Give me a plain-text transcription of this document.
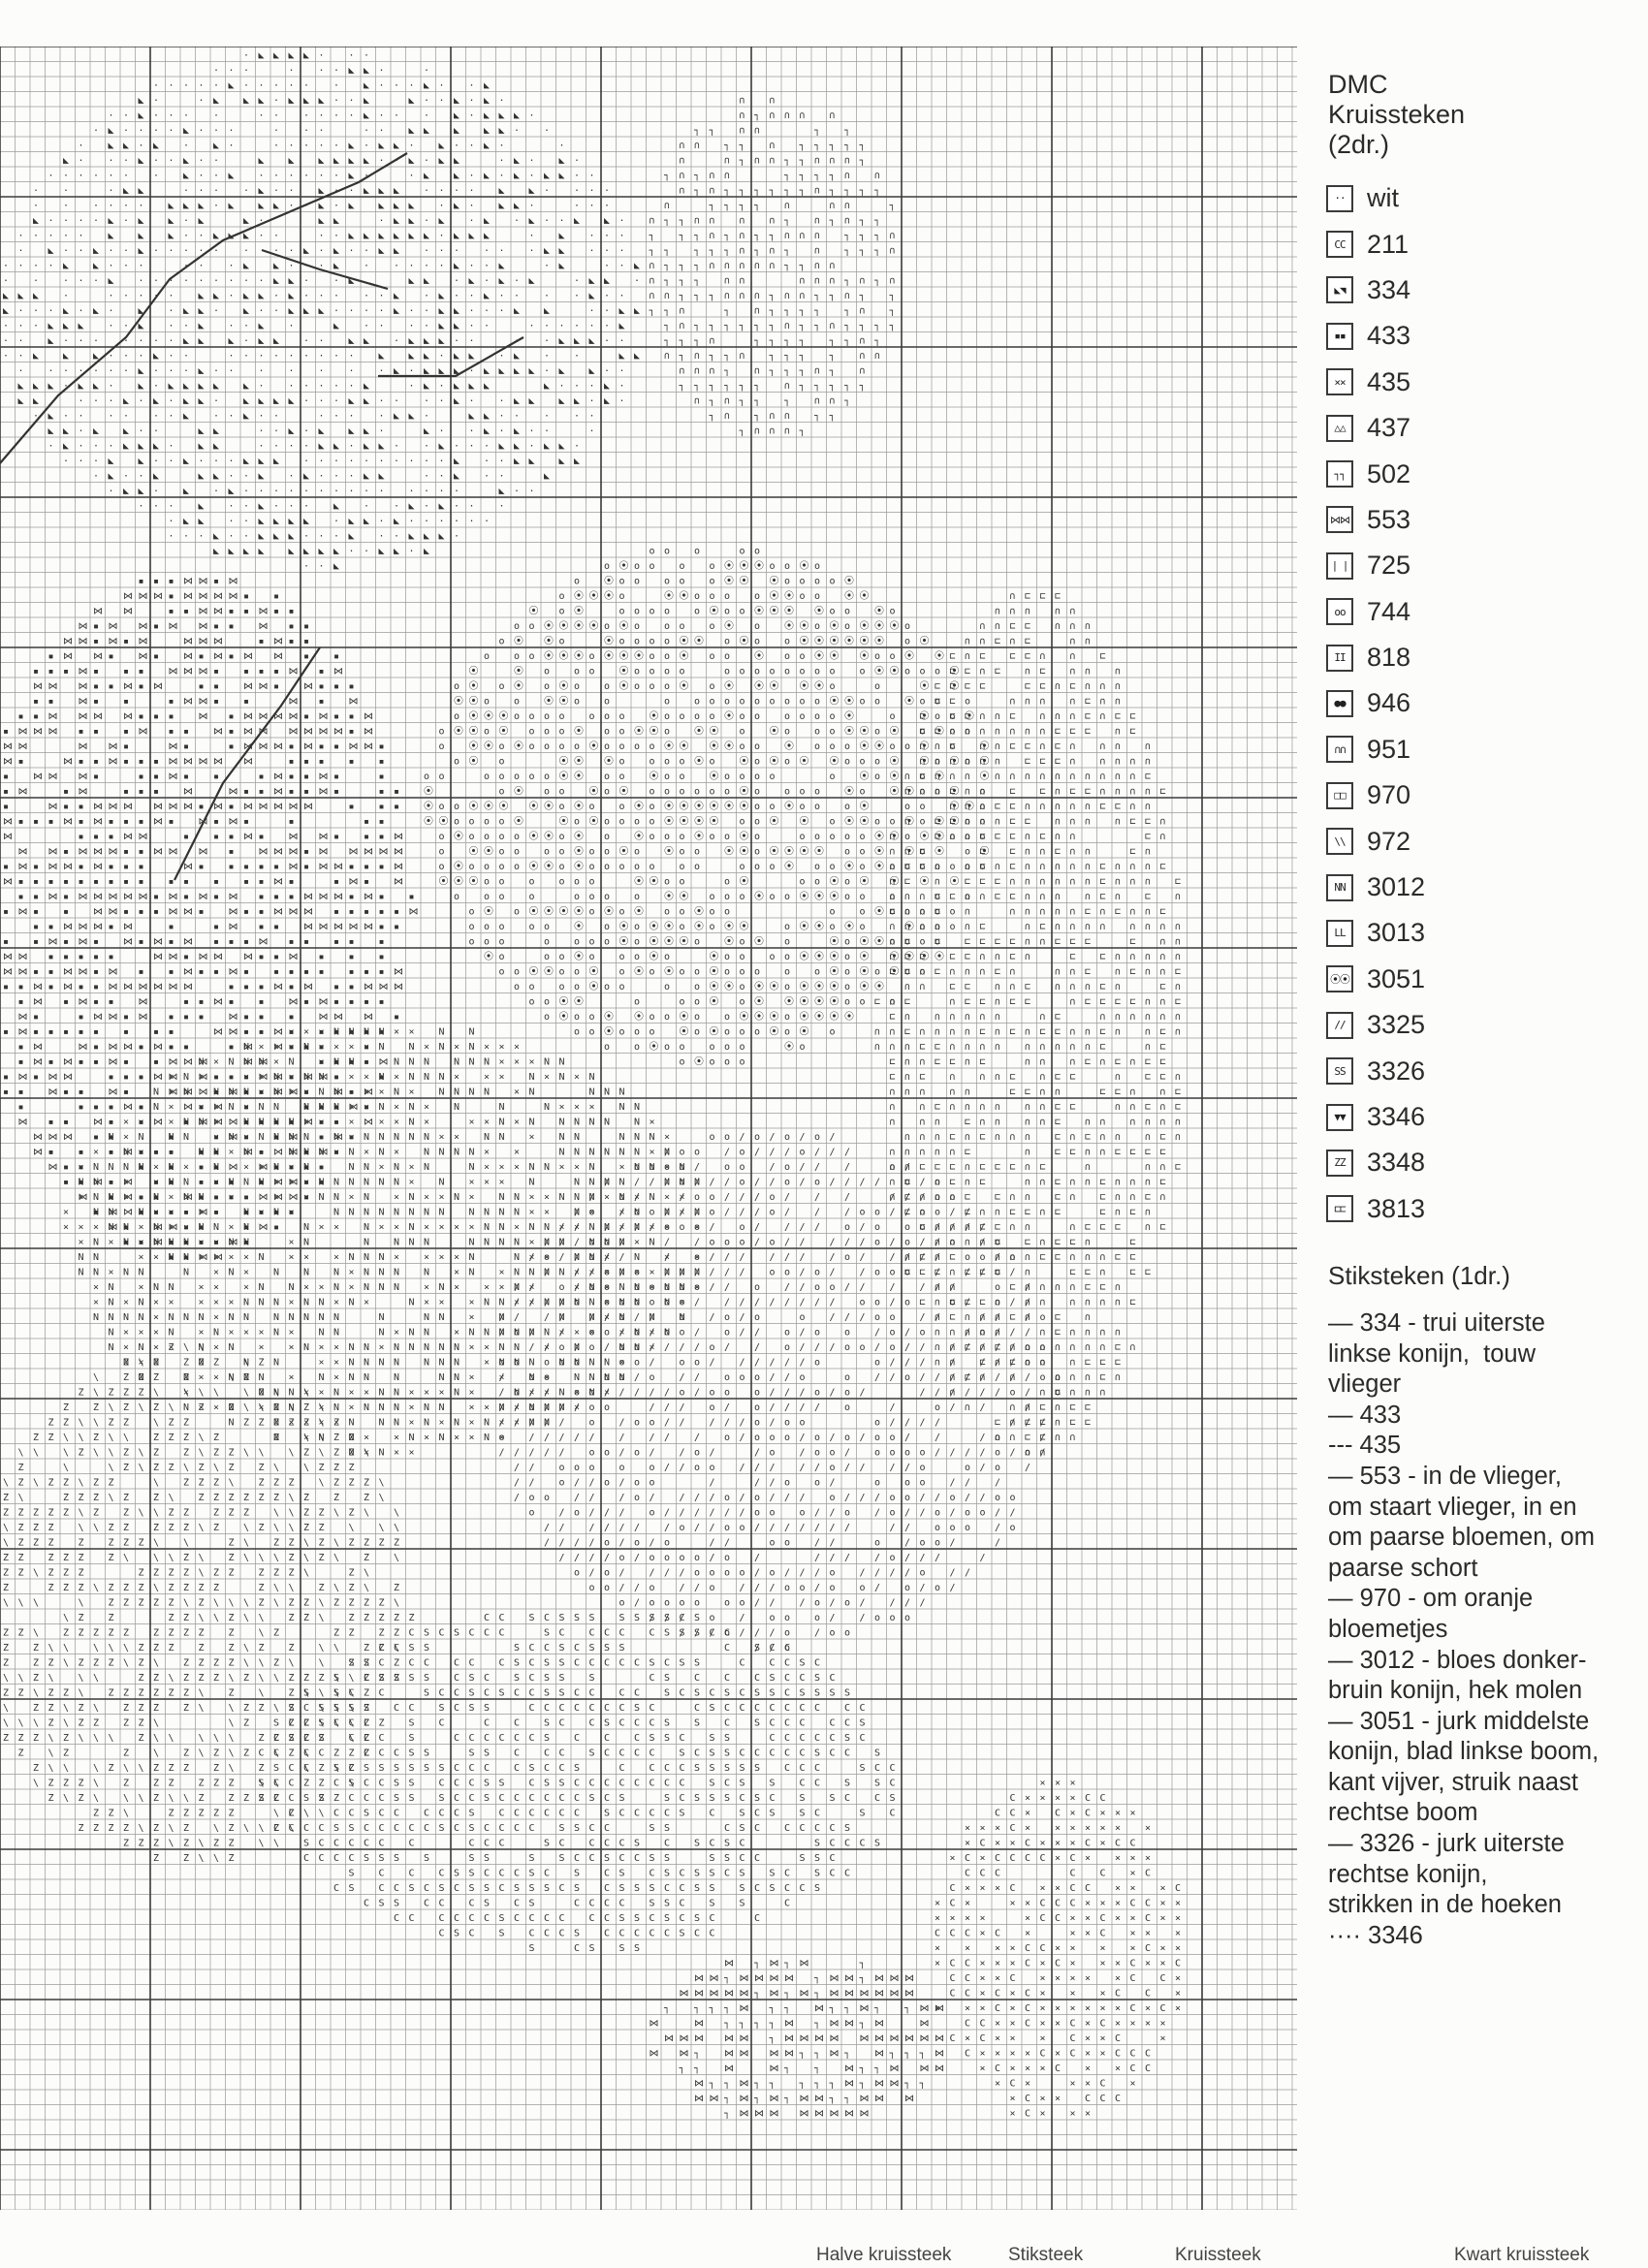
· ◣ ◣ ◣ ◣ · · ·
· · ·	· · · ◣ ◣ ·	·
· · · · · ◣ · · · · · · ◣ · · · ◣ · · ◣
◣ ·	· ◣ ◣ ◣ · ◣ ◣ ◣ · · ◣	◣ · · ◣ · ◣ ·
· · ◣ · · · ·	· · · · · · ◣ · · · ◣ · ◣ ◣ ◣ ·
· ◣ · · · · ◣ · · ·	· · ·	· · ◣ ◣ ◣ ◣ ◣ · ·
· ◣ ◣ · ◣ · ◣ ·	· · · · · ◣ · ◣ ◣ · ◣ · · ◣ ·	·
◣ · · · ◣ · · ◣ · ·	◣ ◣ ◣ ◣ ◣ ◣ · · ◣ · ◣ ◣	· ◣ · ◣ ·
· · · · · · · ◣ · · ◣ · · · · · · ◣ ·	· ◣ ◣ · ◣ · ◣ · ◣ ◣ · ·
· ·	· ◣ ◣	· · · · ◣ · · ◣ · · ◣ ◣ ◣ · · · · ◣ ◣ · · · ·
· · · · · · ◣ ◣ ◣ · ◣ ◣ ◣ · · ◣ · ◣ ◣ ◣ ◣ · ◣ · ◣ ◣ ·	· · ·
◣ · · · · ◣ · ◣ ◣ · ◣	◣ ·	◣ ◣	· ◣ ◣ · ◣ · ◣ · ◣ · · ◣ ◣ ·
· · · · · ◣ ◣ ◣ · · ◣ ◣ ◣ · ·	· · ◣ ◣ ◣ ◣ ◣ ◣ · ◣ ◣ ◣	· ◣ · · ·
· ◣ · · ◣ · · ◣ · · · · · · · · ◣ · ◣ · · ◣ ◣ · · · · · · ◣ ◣ · · ·
· · · · ◣ ◣ · · ·	· · · ◣ ◣ · · · ◣ · · · · · ◣ · · ◣	· ◣	· · ◣
· · · · · ◣ · · · · · · · · · ◣ ◣ · · ◣	◣ ◣ · ◣ · ◣ · ◣	· ◣ ◣ ·
◣ ◣ ◣ ·	· · · · · ◣ ◣ · ◣ ◣ · ◣ · · · · · ◣ · ◣ · · ◣ · · · · ◣ · ·
◣ · · · ◣ · ◣ · ◣ · ◣ ◣ · ◣ · · ◣ ◣ ◣ · · · · ◣ · · ◣ ◣ · · · ◣ ◣	· · ◣ ◣
· · · ◣ ◣ ◣ · · ◣ · · ◣ · · ◣ ·	◣ · · · · ◣ ◣ · ·	· · · · · · ◣
· · ◣ · · · · · · · ◣ ◣ ◣ · ◣ ◣ · · ◣ ◣ · ◣ ◣ ◣ · ·	· · ◣ ◣ ◣ · ·
· · ◣ ◣ ◣ · · · ◣ · ·	· · · · · · · · · ◣ ◣ ◣ · ◣ ◣ · ◣ · ·	◣ ◣
· · · · · · · ◣ · · · ◣ · · · · · · · ◣ · ◣ ◣ ◣ · ◣ ◣ ◣ ◣ · ◣ ◣ · ·
◣ ◣ ◣ · ◣ ◣ · ◣ · ◣ ◣ ◣ ◣ ◣ · · · · · · ◣	· ◣ · ◣ ◣ ◣	◣ · · · ◣ ·
◣ ◣	· · · ◣ · ◣ · ◣ ◣ · ◣ ◣ ◣ ◣ · · · ◣ ◣ · · · · ◣ · · ◣ ◣ ◣ ◣ · ◣ ·
· ◣ · · · · · · ◣ · · ◣ · ·	· · · · ◣ ◣ ·	◣ ◣ · · · · ·
◣ ◣ · ◣ ◣ · ·	◣ ◣	· · ◣ · ◣ ◣ ◣ ·	◣ · · ◣ · ◣ · ·	·
· ◣ · · · ◣ ◣ ◣ · ◣ ◣	· · · · ◣ ◣ · ◣ ◣ · · ◣ · · · ◣ ◣ · ◣ ◣ ·
· · · ◣ ◣ · · ◣ · · · ◣ ◣ ◣ · · · · · · · · · · ◣ · · ◣ ◣ ◣ ◣
· ◣ · · ◣	◣ ◣ · · ◣ · ◣ · · · ◣ ◣	· · ◣ · ·	◣
· ◣ ◣ · ◣ · ◣ · · · · · · · · · · · · · ·	◣ · ·
· · · ◣ · · ◣ · · · ◣ · · ◣ · ◣ · · ·
· ◣ ◣ · · ◣ ◣ ◣ ◣ · ◣ ◣ · ◣ · · · · · ·
· · · ◣ · · ◣ ◣ ◣ · · · ◣ · · ◣ ◣ ◣ ·
◣ ◣ ◣ ◣ ◣ ◣ ◣ ◣ · · ◣ ◣ · ◣
· · ◣
▪ ▪ ▪ ⋈ ⋈ ▪ ⋈
⋈ ⋈ ⋈ ▪ ⋈ ⋈ ⋈ ⋈ ▪ ▪
⋈ ⋈	▪ ▪ ⋈ ⋈ ▪ ▪ ⋈ ▪ ▪
⋈ ▪ ⋈ ⋈ ▪ ⋈ ⋈ ▪ ▪ ⋈ ▪ ▪
⋈ ⋈ ▪ ⋈ ▪ ⋈	⋈ ⋈ ⋈	▪ ⋈ ▪ ▪
▪ ⋈ ⋈ ▪ ⋈ ▪ ⋈ ▪ ⋈ ▪ ⋈ ⋈ ▪ ▪
▪ ▪ ▪ ⋈ ▪ ▪ ▪ ⋈ ⋈ ⋈ ▪ ▪ ▪ ▪ ⋈ ▪ ⋈
⋈ ⋈ ⋈ ▪ ▪ ⋈ ▪ ⋈	▪ ▪ ⋈ ⋈ ▪ ⋈ ▪ ▪ ▪
▪ ▪ ⋈ ▪ ▪	▪ ⋈ ⋈ ▪ ▪	⋈ ▪ ⋈
▪ ▪ ⋈ ⋈ ⋈ ⋈ ▪ ▪ ▪ ⋈ ▪ ⋈ ⋈ ⋈ ⋈ ▪ ⋈ ▪ ▪ ⋈
▪ ⋈ ⋈ ⋈ ▪ ▪ ▪ ⋈ ▪ ▪ ⋈ ▪ ⋈ ⋈ ⋈ ⋈ ⋈ ⋈ ▪ ⋈
⋈ ⋈	⋈ ⋈ ▪	⋈ ▪	▪ ⋈ ⋈ ⋈ ▪ ⋈ ▪ ▪ ⋈ ⋈ ▪
⋈ ▪	⋈ ▪ ▪ ⋈ ▪ ▪ ▪ ⋈ ⋈ ⋈ ⋈ ⋈	▪ ▪ ▪ ▪ ▪
▪ ⋈ ⋈ ⋈ ▪	▪ ▪ ⋈ ▪ ▪	▪ ⋈ ▪ ▪ ⋈ ▪	▪
▪ ⋈	▪ ⋈	▪ ▪ ▪ ⋈	⋈ ▪ ▪ ⋈ ▪ ▪ ⋈ ▪	▪ ▪
▪	⋈ ▪ ▪ ⋈ ⋈ ⋈ ⋈ ⋈ ⋈ ▪ ⋈ ▪ ⋈ ⋈ ⋈ ⋈ ⋈	▪ ▪ ▪
⋈ ▪ ▪ ▪ ⋈ ▪ ⋈ ▪ ▪ ▪ ⋈ ▪ ⋈ ▪ ⋈ ▪	▪	▪ ▪
⋈	▪ ▪ ▪ ⋈ ⋈	▪ ▪ ▪ ⋈ ▪ ⋈ ⋈ ▪ ▪ ▪ ⋈
⋈ ⋈ ▪ ⋈ ⋈ ⋈ ▪ ▪ ⋈ ⋈ ⋈ ▪ ⋈ ⋈ ⋈ ▪ ⋈ ⋈ ⋈ ⋈ ⋈
▪ ⋈ ▪ ⋈ ⋈ ▪ ⋈ ▪ ▪ ▪	⋈ ▪ ▪ ▪ ▪ ▪ ⋈ ▪ ⋈ ⋈ ▪ ▪ ▪ ⋈
⋈ ▪ ▪ ▪ ▪ ▪ ▪ ▪ ▪ ▪ ▪ ▪ ▪ ▪ ▪ ⋈ ▪	▪ ⋈ ▪ ⋈
▪ ▪ ⋈ ▪ ⋈ ⋈ ⋈ ⋈ ⋈ ▪ ⋈ ▪ ⋈ ▪ ⋈ ▪ ▪ ▪ ⋈ ⋈ ⋈ ▪ ⋈ ▪ ▪
▪ ⋈ ▪ ▪ ⋈ ⋈ ▪ ▪ ▪ ⋈ ⋈ ▪ ⋈ ▪ ▪ ⋈ ⋈ ⋈ ▪ ▪ ▪ ▪ ▪ ⋈
▪ ▪ ⋈ ⋈ ⋈ ▪ ⋈	▪	▪ ⋈ ▪ ▪ ⋈ ⋈ ⋈ ⋈ ⋈ ▪ ▪
▪ ▪ ⋈ ▪ ⋈ ▪ ⋈ ▪ ⋈ ▪ ⋈ ▪ ▪ ▪ ⋈ ▪ ▪ ▪ ▪ ▪
⋈ ⋈ ▪ ▪ ▪ ▪ ▪	⋈ ⋈ ▪ ⋈ ⋈ ⋈ ▪ ▪ ⋈ ▪ ▪ ▪
⋈ ⋈ ▪ ▪ ⋈ ⋈ ▪ ⋈ ▪ ▪ ⋈ ▪ ▪ ⋈ ▪ ▪ ▪ ▪ ▪ ▪ ▪ ▪ ⋈
▪ ▪ ⋈ ▪ ⋈ ▪ ▪ ⋈ ⋈ ⋈ ⋈ ⋈ ⋈	▪ ▪ ▪ ⋈ ▪ ⋈ ▪ ▪ ⋈ ⋈ ⋈
▪ ⋈ ▪ ⋈ ▪ ▪ ⋈	▪ ▪ ⋈ ▪ ▪ ⋈ ▪ ⋈ ▪ ▪ ▪ ▪
⋈ ▪	▪ ⋈ ⋈ ▪ ⋈ ▪ ▪ ▪ ⋈ ▪ ▪ ▪ ⋈ ⋈ ⋈ ▪
▪ ⋈ ▪ ▪ ▪ ▪ ▪ ▪ ▪ ▪	⋈ ⋈ ▪ ▪ ⋈ ▪ ▪ ▪ ▪ ▪ ▪
▪ ⋈	⋈ ▪ ⋈ ⋈ ▪ ⋈ ▪ ▪	▪ ⋈ ⋈ ▪ ▪ ▪	▪
▪ ⋈ ▪ ⋈ ▪ ▪ ⋈ ▪ ▪ ⋈ ⋈ ⋈	⋈ ⋈	▪ ▪ ▪ ▪ ⋈
▪ ⋈ ▪ ⋈ ⋈	▪ ▪ ▪ ⋈ ⋈ ⋈ ▪ ▪ ▪ ⋈ ⋈ ▪ ⋈ ⋈ ▪	▪
▪ ▪ ⋈ ▪ ▪ ⋈ ▪	⋈ ⋈ ⋈ ▪ ⋈ ▪ ▪ ⋈ ⋈ ▪ ⋈ ▪ ⋈
▪	▪ ▪ ▪ ⋈ ▪	⋈ ▪ ⋈ ▪	▪ ▪ ▪ ⋈ ▪
⋈ ▪ ▪ ⋈ ▪ ▪ ⋈ ▪ ⋈ ⋈ ⋈ ▪ ▪ ▪ ▪ ⋈ ▪ ▪ ⋈
⋈ ⋈ ⋈ ▪ ▪	▪	▪ ⋈ ▪ ▪ ⋈ ▪ ⋈ ▪
⋈ ▪ ▪ ▪ ⋈ ▪ ▪ ▪ ▪ ▪ ⋈ ▪ ⋈ ⋈ ▪ ⋈ ▪
⋈ ▪ ▪	▪ ▪ ▪ ▪ ⋈ ⋈ ▪ ▪ ▪ ▪
▪ ▪ ⋈ ▪ ⋈ ▪ ▪ ▪ ▪ ▪ ▪ ⋈ ⋈ ▪ ▪
⋈ ▪ ⋈ ▪ ▪ ⋈ ▪ ▪ ▪ ▪ ⋈ ⋈ ⋈ ▪
▪ ⋈ ⋈ ▪ ▪ ▪ ▪ ⋈ ▪ ▪ ▪ ▪ ▪
⋈ ▪ ⋈ ⋈ ▪ ▪	▪ ⋈ ▪
▪ ▪ ⋈ ▪ ▪ ▪ ▪ ⋈ ▪
▪ ▪ ⋈ ⋈
∩ ∩
∩ ┐ ∩ ∩ ∩ ∩
┐ ┐ ∩ ∩	┐ ┐
∩ ∩ ┐ ┐ ∩ ┐ ┐ ┐ ┐ ┐
∩	∩ ┐ ∩ ∩ ┐ ┐ ∩ ∩ ∩ ┐
┐ ∩ ┐ ∩ ∩	┐ ┐ ┐ ┐ ∩ ∩
∩ ┐ ∩ ┐ ┐ ┐ ┐ ┐ ┐ ∩ ┐ ┐ ┐ ┐
∩	┐ ┐ ┐ ┐ ∩	∩ ∩	┐
∩ ┐ ┐ ∩ ∩ ∩ ∩ ┐ ∩ ┐ ∩ ┐ ┐
┐ ┐ ┐ ∩ ┐ ∩ ┐ ┐ ∩ ∩ ∩ ┐ ┐ ┐ ∩
┐ ┐ ┐ ┐ ┐ ∩ ┐ ∩ ┐ ∩ ┐ ┐ ┐ ∩
∩ ┐ ┐ ┐ ∩ ∩ ∩ ∩ ∩ ┐ ┐ ∩ ∩
∩ ┐ ┐ ┐ ∩ ∩	∩ ∩ ∩ ┐ ∩ ┐ ∩
∩ ∩ ┐ ┐ ┐ ∩ ∩ ∩ ┐ ∩ ∩ ┐ ┐ ∩ ┐ ┐
┐ ┐ ∩	┐ ∩ ┐ ┐ ┐ ┐ ┐ ∩ ┐
┐ ∩ ┐ ┐ ┐ ┐ ┐ ┐ ∩ ┐ ┐ ∩ ┐ ┐ ┐ ┐
┐ ┐ ┐ ∩	┐ ┐ ┐ ┐ ┐ ┐ ∩ ┐
∩ ┐ ∩ ┐ ┐ ∩ ┐ ┐ ┐ ┐ ∩ ∩
∩ ∩ ∩ ┐ ∩ ┐ ┐ ┐ ∩ ┐ ∩
┐ ┐ ┐ ┐ ┐ ┐ ∩ ┐ ┐ ┐ ┐ ┐
∩ ┐ ∩ ┐ ┐ ┐ ∩ ∩ ┐
┐ ∩ ┐ ∩ ∩ ┐ ┐
┐ ∩ ∩ ∩ ┐
o o o	o o
o ⦿ o o o o ⦿ ⦿ ⦿ o o ⦿ o
o ⦿ o o o o o ⦿ ⦿ ⦿ o o o o ⦿
o ⦿ ⦿ ⦿ o	⦿ ⦿ o o o o ⦿ ⦿ o o ⦿ ⦿
⦿ o ⦿	o o o o o ⦿ o o ⦿ ⦿ ⦿ ⦿ o o ⦿ o
o o ⦿ ⦿ ⦿ ⦿ o ⦿ o o o o ⦿ o ⦿ ⦿ o ⦿ o ⦿ ⦿ ⦿ o
o ⦿ ⦿ o	⦿ o o o o ⦿ ⦿ o ⦿ o o ⦿ ⦿ ⦿ ⦿ ⦿ ⦿ o ⦿
o o o ⦿ ⦿ ⦿ o ⦿ ⦿ ⦿ o o ⦿ o o ⦿ o o ⦿ ⦿ ⦿ o o ⦿ ⦿
⦿	⦿ o o o ⦿ o o o o	o o o o o o o o o ⦿ ⦿ o o o ⦿
o ⦿ o ⦿ o ⦿ o o ⦿ o o o ⦿ o ⦿ ⦿ ⦿ ⦿ ⦿ o	o	⦿ ⦿
⦿ ⦿ o o ⦿ ⦿ o o	o o o o o o o o o o ⦿ ⦿ o o ⦿ o o o
o ⦿ ⦿ ⦿ o o o o o o o ⦿ o o o o ⦿ o o o o o o ⦿	o ⦿ o o ⦿
o ⦿ ⦿ o ⦿ o o o ⦿ o o ⦿ ⦿ o ⦿ ⦿ o ⦿ o o o ⦿ ⦿ o ⦿ o ⦿ o o
o ⦿ ⦿ o ⦿ o o o o ⦿ o o o o ⦿ ⦿ ⦿ ⦿ o o ⦿ o o o ⦿ ⦿ o o ⦿ o ⦿
o ⦿ o	⦿ ⦿ ⦿ o o o o ⦿ o ⦿ o ⦿ o ⦿ ⦿ o o o ⦿ ⦿ o ⦿ o ⦿
o o	o o o o o ⦿ ⦿ o o ⦿ o o ⦿ o o o o	o ⦿ o ⦿ o ⦿	⦿
⦿	o ⦿ o o ⦿ o ⦿ o o o o o o ⦿ o o o o ⦿ o ⦿ ⦿ o o ⦿ o
⦿ o o ⦿ ⦿ ⦿ ⦿ ⦿ o ⦿ o o ⦿ o ⦿ ⦿ ⦿ ⦿ ⦿ ⦿ o o ⦿ o o o ⦿	o o ⦿ ⦿ o
⦿ ⦿ o o o o ⦿	⦿ o ⦿ o o o o ⦿ ⦿ ⦿ ⦿ o o ⦿ ⦿ o ⦿ ⦿ o o ⦿ o ⦿ ⦿ o o
o ⦿ o o o o ⦿ ⦿ o ⦿ o ⦿ o o o ⦿ o o ⦿ o	o o o o o ⦿ ⦿ o ⦿ ⦿ o o o
o ⦿ ⦿ o o o o ⦿ o o ⦿ o ⦿ o o ⦿ ⦿ o ⦿ ⦿ ⦿ ⦿ o o ⦿ ⦿ o ⦿ o ⦿
o ⦿ o o o o ⦿ ⦿ o ⦿ o o o o o o o	o o o ⦿ o o ⦿ o ⦿ o o o o o o o
⦿ ⦿ ⦿ o o o o o o	⦿ ⦿ o o	o ⦿	o o ⦿ o ⦿ ⦿ ⦿ ⦿
o o o o	o o o o ⦿ ⦿ o o o ⦿ o o ⦿ ⦿ ⦿ o o o	o o
o ⦿ o ⦿ ⦿ ⦿ ⦿ o ⦿ o ⦿ o o ⦿ o o	o o ⦿ o o o o o
o o o o o ⦿ o ⦿ o ⦿ ⦿ o ⦿ o ⦿ ⦿	o ⦿ ⦿ o ⦿ o	⦿ o o o
o o o	o o o o ⦿ o ⦿ ⦿ ⦿ o ⦿ o ⦿ o	⦿ o ⦿ ⦿ o o o o
⦿ o	o o ⦿ o o o ⦿ o	⦿ o o o o ⦿ ⦿ ⦿ o ⦿ ⦿ ⦿ ⦿ ⦿
o o ⦿ ⦿ o o ⦿ o ⦿ o ⦿ o o ⦿ o o o o o ⦿ o ⦿ o ⦿ o o
o o o o ⦿ o o	o o ⦿ ⦿ o ⦿ ⦿ o ⦿ ⦿ ⦿ o ⦿ ⦿
o o ⦿ ⦿	o	o o ⦿ o ⦿ ⦿ ⦿ ⦿ ⦿ o o o
o ⦿ o o ⦿ ⦿ o o ⦿ o o ⦿ ⦿ ⦿ o ⦿ ⦿ ⦿ ⦿
o o ⦿ o o o ⦿ o ⦿ o o o ⦿ o ⦿ o
o o ⦿ o o o o o	⦿ o
o ⦿ o o o
∩ ⊏ ⊏ ⊏
∩ ∩ ∩ ∩ ∩
∩ ∩ ⊏ ⊏ ∩ ∩ ∩
∩ ∩ ⊏ ∩ ⊏	∩ ∩
⊏ ∩ ⊏ ⊏ ⊏ ∩ ∩ ⊏
⊏ ⊏ ∩ ⊏ ∩ ⊏ ∩ ∩ ∩
⊏ ⊏ ⊏ ⊏	⊏ ⊏ ∩ ⊏ ∩ ∩ ∩
⊏ ⊏	∩ ∩ ∩ ∩ ⊏ ∩ ∩
⊏ ⊏ ⊏ ∩ ∩ ⊏ ∩ ∩ ∩ ⊏ ∩ ⊏ ⊏
⊏ ⊏ ∩ ∩ ∩ ∩ ∩ ∩ ∩ ⊏ ⊏ ⊏ ∩ ⊏
∩ ∩ ⊏ ∩ ∩ ⊏ ⊏ ∩ ⊏ ∩ ∩ ∩ ∩
∩ ∩ ∩ ∩ ∩ ∩ ⊏ ⊏ ⊏ ∩ ∩ ∩ ∩ ∩
∩ ⊏ ∩ ∩ ∩ ∩ ∩ ∩ ∩ ∩ ∩ ∩ ∩ ∩ ∩ ⊏
∩ ∩ ∩ ⊏ ∩ ∩ ⊏ ⊏ ∩ ⊏ ⊏ ∩ ∩ ∩ ∩ ⊏
∩ ∩ ∩ ⊏ ⊏ ∩ ∩ ∩ ∩ ∩ ⊏ ⊏ ∩ ∩
∩ ⊏ ⊏ ∩ ∩ ∩ ⊏ ⊏ ∩ ∩ ∩ ∩ ⊏ ⊏ ∩
∩	⊏ ∩ ∩ ⊏ ⊏ ⊏ ∩ ⊏ ∩ ∩	⊏ ∩
∩ ∩ ⊏	⊏ ⊏ ∩ ∩ ⊏ ∩ ∩	⊏ ∩
∩ ⊏ ⊏ ∩ ∩ ⊏ ∩ ⊏ ∩ ∩ ∩ ∩ ∩ ⊏ ∩ ∩ ∩ ⊏
∩ ⊏ ∩ ⊏ ⊏ ⊏ ∩ ∩ ∩ ∩ ∩ ∩ ⊏ ∩ ∩ ∩ ⊏
∩ ∩ ∩ ⊏ ⊏ ∩ ∩ ⊏ ⊏ ∩ ∩ ∩ ∩ ⊏ ∩ ⊏ ∩
⊏ ∩ ∩ ⊏ ∩	∩ ∩ ∩ ∩ ∩ ⊏ ∩ ⊏ ∩ ∩ ⊏
∩ ∩ ∩ ∩ ∩ ⊏	∩ ⊏ ∩ ∩ ∩ ∩ ∩ ∩ ∩ ∩
∩ ⊏ ⊏ ⊏ ⊏ ⊏ ⊏ ∩ ∩ ⊏ ⊏ ⊏	⊏ ∩ ∩
∩ ⊏ ⊏ ⊏ ⊏ ∩ ∩ ⊏ ∩	⊏ ⊏ ∩ ∩ ∩ ∩ ∩
⊏ ⊏ ∩ ⊏ ∩ ∩ ∩ ⊏ ∩	∩ ∩ ⊏ ∩ ⊏ ∩ ∩ ⊏
∩ ∩ ⊏ ⊏ ∩ ∩ ⊏ ∩ ∩ ∩ ⊏ ∩	⊏ ∩
⊏ ∩ ⊏	∩ ⊏ ⊏ ∩ ⊏ ⊏	∩ ⊏ ⊏ ⊏ ⊏ ∩ ∩ ⊏
⊏ ∩ ∩ ∩ ∩ ∩ ∩	∩ ⊏	∩ ∩ ∩ ∩ ∩ ∩
∩ ∩ ⊏ ∩ ∩ ∩ ∩ ⊏ ∩ ⊏ ∩ ⊏ ⊏ ∩ ∩ ⊏ ∩ ∩ ⊏ ∩
∩ ∩ ∩ ⊏ ⊏ ∩ ∩ ∩ ∩ ∩ ∩ ∩ ∩ ∩ ⊏	∩ ⊏
⊏ ∩ ∩ ⊏ ⊏ ∩ ⊏	∩ ∩ ∩ ⊏ ∩ ⊏ ∩ ⊏ ⊏
⊏ ∩ ⊏ ∩ ∩ ∩ ⊏ ∩ ⊏ ⊏	∩ ⊏ ⊏ ∩
∩ ∩ ∩ ∩ ∩	⊏ ⊏ ∩ ∩	⊏ ⊏ ∩ ∩ ⊏
∩ ∩ ⊏ ∩ ∩ ∩ ∩ ∩ ∩ ⊏ ⊏	∩ ∩ ⊏ ∩ ⊏
∩ ∩ ∩ ⊏ ∩ ∩ ∩ ∩ ⊏ ∩ ∩ ∩ ∩ ∩ ∩
∩ ∩ ∩ ⊏ ∩ ⊏ ∩ ∩ ∩ ⊏ ∩ ⊏ ∩ ∩ ∩ ⊏ ∩
∩ ∩ ∩ ∩ ∩ ⊏	∩ ⊏ ⊏ ∩ ∩ ⊏ ⊏ ⊏ ⊏
∩ ∩ ⊏ ⊏ ⊏ ∩ ⊏ ⊏ ⊏ ∩ ⊏	∩	∩ ∩ ⊏
∩ ⊏ ∩ ⊏ ∩ ⊏	∩ ∩ ⊏ ∩ ∩ ⊏ ∩ ∩ ∩ ⊏
∩ ⊏ ∩ ∩ ∩ ⊏ ⊏ ∩ ∩ ⊏ ∩ ⊏ ∩ ∩ ⊏ ∩
⊏ ∩	⊏ ∩ ∩ ⊏ ⊏ ∩ ⊏	⊏ ∩ ⊏ ∩
⊏ ∩ ∩ ∩ ⊏ ⊏ ∩ ∩	∩ ⊏ ⊏ ⊏ ∩ ⊏
∩ ∩ ∩ ∩ ⊏ ⊏ ∩ ⊏ ⊏ ∩	⊏
∩ ⊏ ∩ ⊏	∩ ∩ ∩ ⊏ ⊏ ∩ ∩ ∩ ⊏ ⊏
⊏ ⊏ ⊏ ∩ ⊏ ⊏ ⊏ ∩	⊏ ⊏ ∩ ⊏ ⊏
∩ ∩	⊏ ∩ ∩ ∩ ∩ ⊏ ⊏ ∩
⊏ ∩ ⊏ ⊏ ⊏ ∩ ∩ ∩ ∩ ∩ ∩ ∩ ⊏
∩ ⊏ ∩ ∩ ∩ ⊏ ∩ ⊏ ∩
∩ ∩ ∩ ∩ ∩	∩ ⊏ ∩ ∩ ∩ ∩
∩ ∩ ⊏ ∩ ⊏ ∩ ∩ ∩ ∩ ∩ ∩ ∩ ⊏ ∩
∩ ∩ ⊏ ∩ ⊏ ∩ ∩ ∩ ⊏ ⊏ ⊏
∩ ⊏ ∩ ∩	∩ ∩ ∩ ⊏ ∩
∩	∩ ⊏ ∩ ∩ ∩
∩	∩ ∩ ⊏ ∩ ⊏ ⊏
⊏ ∩ ⊏ ⊏ ∩ ⊏ ⊏
∩ ∩ ⊏ ⊏ ∩ ∩
∩ ∩
× × × N N N N × × N N
N × × × N × × × × N N × N × N × × ×
N × N N N × N × N N	N N N N N N × × × N N
× N ×	× × N × N N × × N × N N N × × × N × N × N
N × N N N N × N × × N N × × N × N N N N × N	N N N
N × × × N × N N N N N × × N × N × N	N	N × × × N N
× × × N N × N N N N × × × × × N ×	× × N × N N N N N N ×
N × N N N × N × N N N N N × N N N N N × × N N × N N	N N N ×
× N ×	N N × N	N N N × N × N × N N N N × ×	N N N N N N × N
× N N N N × N × N × × N × N	N N × N × N	N × × × N N × × N × N N × N
N N × × N N × N N N × × × N N N N N N × N × × × N	N N N N	N N N
× N N × N × N N ×	× × N N × N × N × × N × N N × × N N N × N × N × ×
× N N N × × ×	N × N ×	N N N N N N N N N N N N × × N × × N N × N
× × × N N × N × × N N × N	N × × N × × N × × × × N N × N N × × N N × N × × ×
× N × N × N N N × × N N	× N	N N N N	N N N N × N N N N N × N
N N	× × N N × × × × N × × × N N N × × × × N	N × × N N × N × ×
N N × N N	N × N × N N N × N N N N × N × N N N N × × × N × × N N N
× N × N N × × × N N × × N × N N N × N × × × N ×	× N × N N × N N ×
× N × N × × × × × N N N × N N × N ×	N × × × N N × × N N N N × N N N ×
N N N N × N N N × N N N N N N N	N	N N × N	N N × N N N
N × × × N × N × × × N × N N	N × N N × N N N N N N × × × × N × N
N × N × × N × N × × N × × N N × N N N N N × × N N × N	N N ×
N × N	N	N N	× × N N N N N N N × N N N N N N N ×
N	N × × N N N × N × N N N	N N × × N × N N N N
×	N N N × × N × × N N × × × N ×	N × × N × N ×
N × × N × N N × N × N N N × N N × × N × N N N ×
N	N × × × × N N N × N × N × N × × N N
N × N N × × N × N × × N ×
N × N × ×
o o / o / o / o /
/ o o / o / / / o / / /
o o o o / o o / o / / /	o /
/ / / / o / / / o / / o / o / / / / o / o
/ o /	/ o o / / / o / / /	/ / / o o
/ o / o o / / / o / / / o / / / o o / / o o / /
/ / / / / / o o o / o / / / / o / o o o / / / /
/ / / o o /	/ / o o o / o / / / / / o / o / / o / o
/ o / / o / /	/ o / / / / / / / o / / / / / o o / o
/ / / o / o / / / / / / o o / o / / o o o / / / o /
/ / o / o o o o o o o / / o / / o o / / / / / /	o /
/ / / / o o o o o o o / / / / / / / / / o o / o	o / o / /
/ / / / / / o / / o / o / o	o / / / o o / /	/ / / o
/ o / / o o / o / o o / o / / o / o o / o / o	/ o / / /
/ / o / o / o o / / / / o / / o / / / o o / o / / / / / / / o o
o o o o o	o o / o o / / / / / / o	o / / / / / / / o o
/ o o	o o / o / / o o o / / o	o / / o / / / / / / / / o o
/ o / / o o / / / / / o / o o o / / / o / o /	/ / / / / / o / o
/ / o / / / o o	/ / / o / o / / / / o	/	o / /	/
/ / / / / o / o o / / / / / o / o o	o / / / /	/ / /
o / / / / / / / / / o / o o o / o / o / o o / /	/ o	/
/ / / / / o o / o / / o /	/ o / o o / o o o o / / / / o / o /
/ / o o o o o / / o o / / / / / o / / / / o	o / o /
/ / o / / o / o o	/	/ / o o /	o o o / / /
/ o o / / / o / / / / o / o / / / o / / / o o / / o / / o o
o / o / / / o / / / / / / o o o / / o / o / / o / o o / /
/ / / / / / / o / / o o / / / / / / /	/ / o o o / o
/ / / / o / o / o	/ /	o o / /	o / o o /	/
/ / / / o / o o o o / o /	/ / / / o / / /	/
o / o / / / / o o o o / o / / / o / / / / o / /
o o / / o / / o / / / o o / o o / o / o /
o / o o o o o o / / / o / o / / / /
/ / / o / o o o / / o o o
/ / / o / / / o / o o
/ / o
Z \ \
Z \ Z Z Z Z \ Z
\ Z Z Z Z	\ Z
Z \ Z Z Z \ \ \ \ \ Z \ \
Z Z \ Z \ Z \ Z Z \ \ Z \ Z \
Z Z \ \ Z Z \ Z Z	Z Z Z Z Z \ Z
Z Z \ \ Z \ \ Z Z Z \ Z	Z \ \ Z Z
\ \ \ Z \ \ Z \ Z Z \ Z Z \ \ \ Z \ Z Z \
Z	\	\ Z \ Z Z \ Z \ Z Z \ \ Z Z Z
\ Z \ Z Z \ Z Z	\ Z Z Z \ Z Z Z \ Z Z Z \
Z \	Z Z Z \ Z Z \ Z Z Z Z Z Z \ Z Z Z \
Z Z Z Z Z \ Z Z \ \ Z Z Z Z Z \ \ Z Z \ Z \ \
\ Z Z Z \ \ Z Z Z Z Z \ Z \ Z \ \ Z Z \ \ \
\ Z Z Z Z Z Z Z \ \	Z \ Z Z \ Z \ Z Z Z Z
Z Z Z Z Z Z \ \ \ Z \ Z \ \ \ Z \ Z \ Z \
Z Z \ Z Z Z	Z Z Z Z \ Z Z Z Z Z \	Z \
Z	Z Z Z \ Z Z Z \ Z Z Z Z	Z \ \ Z \ Z \ Z
\ \ \	\ Z Z Z Z Z \ Z \ \ \ Z \ Z Z \ Z Z Z Z \
\ Z Z	Z Z \ \ Z \ \ Z Z \ Z Z Z Z Z
Z Z \ Z Z Z Z Z Z Z Z Z Z \ Z	Z Z Z Z
Z Z \ \ \ \ \ Z Z Z Z Z \ Z Z \ \ Z Z \
Z Z Z \ Z Z Z \ Z \ Z Z Z Z \ \ Z \ \ Z Z Z
\ \ Z \ \ \	Z Z \ Z Z Z \ Z \ \ Z Z Z \ \ Z Z Z
Z Z \ Z Z \ Z Z Z Z Z Z \ Z \ Z \ \ \ \ Z
\ Z Z \ Z \ Z Z Z Z \ \ Z Z \ Z \ \ \ Z
\ \ \ Z \ Z Z Z Z \	\ Z	Z Z \ \ \ Z Z
Z Z Z \ Z \ \ \ Z \ \ \ \ \ Z Z Z Z Z \ Z
Z \ Z	Z \ Z \ Z \ Z \ Z \ Z Z Z
Z \ \ \ Z \ \ Z Z Z Z \ Z	\ Z \ Z
\ Z Z Z \ Z Z Z Z Z Z \ \ Z Z \
Z \ Z \ \ \ Z \ \ Z Z Z Z Z	Z Z
Z Z \	Z Z Z Z Z	\ Z \ \
Z Z Z Z \ Z \ Z \ Z \ \ Z \
Z Z Z \ Z \ Z Z \ \
Z Z \ \ Z
C C S C S S S S S S S C S
C S C S C C C	S C C C C C S S S C C
C C S S	S C C S C S S S	C S C C
S S C C C C C C S C S S C C C C C S C S S	C C C S C
S C S S S S C S C S C S S S	C S C C C S C C S C
S S C C	S C C S C S C C S S C C C C S C S C S C S S C S S S S
S C S S S S C C S C S S	C C C C C C C S C	C S C C C C C C C C C
S C C S C C C	S C	C C S C C S C C C S S C S C C C C C S
C S C S C C C S	C C C C C C S C C C S S C S S	C C C C C S C
C C C C	C C C S S	S S C C C S C C C C S C S S C C C C C S C C S
S C C S C S S S S S S C C C C S C C S	C C C C S S S S S C C C	S C C
S C C	C S C C S S C C C S S C S S C C C C C C C C S C S S C C S S C
S C C S S C C C S S S C C S C C C C C C S C S	S C S S S C S C S S C C S
C	C C S C C C C C S C C C C C C S C C C C S C S C S S C	S C
C C C C S S C C C C C S C S C C C C S S C C	S S	C S C C C C C S
S C C C C C C	C C C	S C C C C S C S C S C	S C C C S
C C C C S S S S	S S	S S C C S C C S S	S S C C	S S C
S C C C S S C C C S C S C S C S C S S C S S C S C C
C S C C S C S C S S C S S S C S C S S S C C S S S C S C C S
C S S C C C S C S	C C C C S S C S S	C
C C C C C C S C C C C C C S S C S C S C	C
C S C S C C C S C C C C C S C C
S	C S S S
× × ×
C × × × × C C
C C × C × C × × ×
× × × C × × × × × × ×
× C × × C × × × C × C C
× C × C C C C × C × × × ×
C C C	C C × C
C × × × C × × C C × × × C
× C ×	× × C C C × × × C C × ×
× × × ×	× C C × × C × × C × ×
C C C × C ×	× × C × × ×
× × × × C C × × × × C × ×
× C C × × × C × C × × × C × × C
C C × × C × × × × × C C ×
C C × C × C × × × C C ×
× × × C × C × × × × × × C × C ×
C C × × C × × C × C × × × ×
C × C × × × C × × C	×
C × × × × C × C × × C C C
× C × × × C × × C C
× C ×	× × C ×
× C × × C C C
× C × × ×
⋈ ┐ ⋈ ┐ ⋈	┐
⋈ ⋈ ┐ ⋈ ⋈ ⋈ ⋈ ┐ ⋈ ⋈ ┐ ⋈ ⋈ ⋈
⋈ ⋈ ⋈ ⋈ ⋈ ┐ ⋈ ┐ ⋈ ┐ ⋈ ⋈ ⋈ ⋈ ⋈ ⋈
┐ ┐ ┐ ┐ ⋈ ┐ ┐ ⋈ ┐ ┐ ⋈ ┐ ┐ ⋈ ⋈
⋈	⋈ ┐ ┐ ┐ ┐ ⋈ ┐ ⋈ ⋈ ┐ ⋈	⋈
⋈ ⋈ ⋈ ⋈ ⋈ ┐ ⋈ ⋈ ⋈ ⋈ ⋈ ⋈ ⋈ ⋈ ⋈ ⋈
⋈ ⋈ ┐ ⋈ ⋈ ⋈ ⋈ ┐ ┐ ⋈ ┐ ⋈ ┐ ┐ ┐ ⋈
┐ ┐ ⋈	⋈ ┐ ┐ ⋈ ┐ ┐ ⋈ ⋈ ⋈
⋈ ┐ ┐ ⋈ ┐ ┐ ┐ ┐ ┐ ⋈ ┐ ⋈ ⋈ ┐ ┐
⋈ ⋈ ┐ ⋈ ┐ ⋈ ┐ ⋈ ⋈ ┐ ┐ ⋈ ⋈ ⋈
┐ ⋈ ⋈ ⋈ ⋈ ⋈ ⋈ ⋈ ⋈
DMC
Kruissteken
(2dr.)
·· wit
CC 211
◣◥ 334
▪▪ 433
×× 435
△△ 437
┐┐ 502
⋈⋈ 553
| | 725
oo 744
II 818
●● 946
∩∩ 951
□□ 970
\\ 972
NN 3012
LL 3013
⦿⦿ 3051
// 3325
SS 3326
▼▼ 3346
ZZ 3348
⊏⊏ 3813
Stiksteken (1dr.)
— 334 - trui uiterste
linkse konijn,  touw
vlieger
— 433
--- 435
— 553 - in de vlieger,
om staart vlieger, in en
om paarse bloemen, om
paarse schort
— 970 - om oranje
bloemetjes
— 3012 - bloes donker-
bruin konijn, hek molen
— 3051 - jurk middelste
konijn, blad linkse boom,
kant vijver, struik naast
rechtse boom
— 3326 - jurk uiterste
rechtse konijn,
strikken in de hoeken
···· 3346
Halve kruissteek	Stiksteek	Kruissteek	Kwart kruissteek
